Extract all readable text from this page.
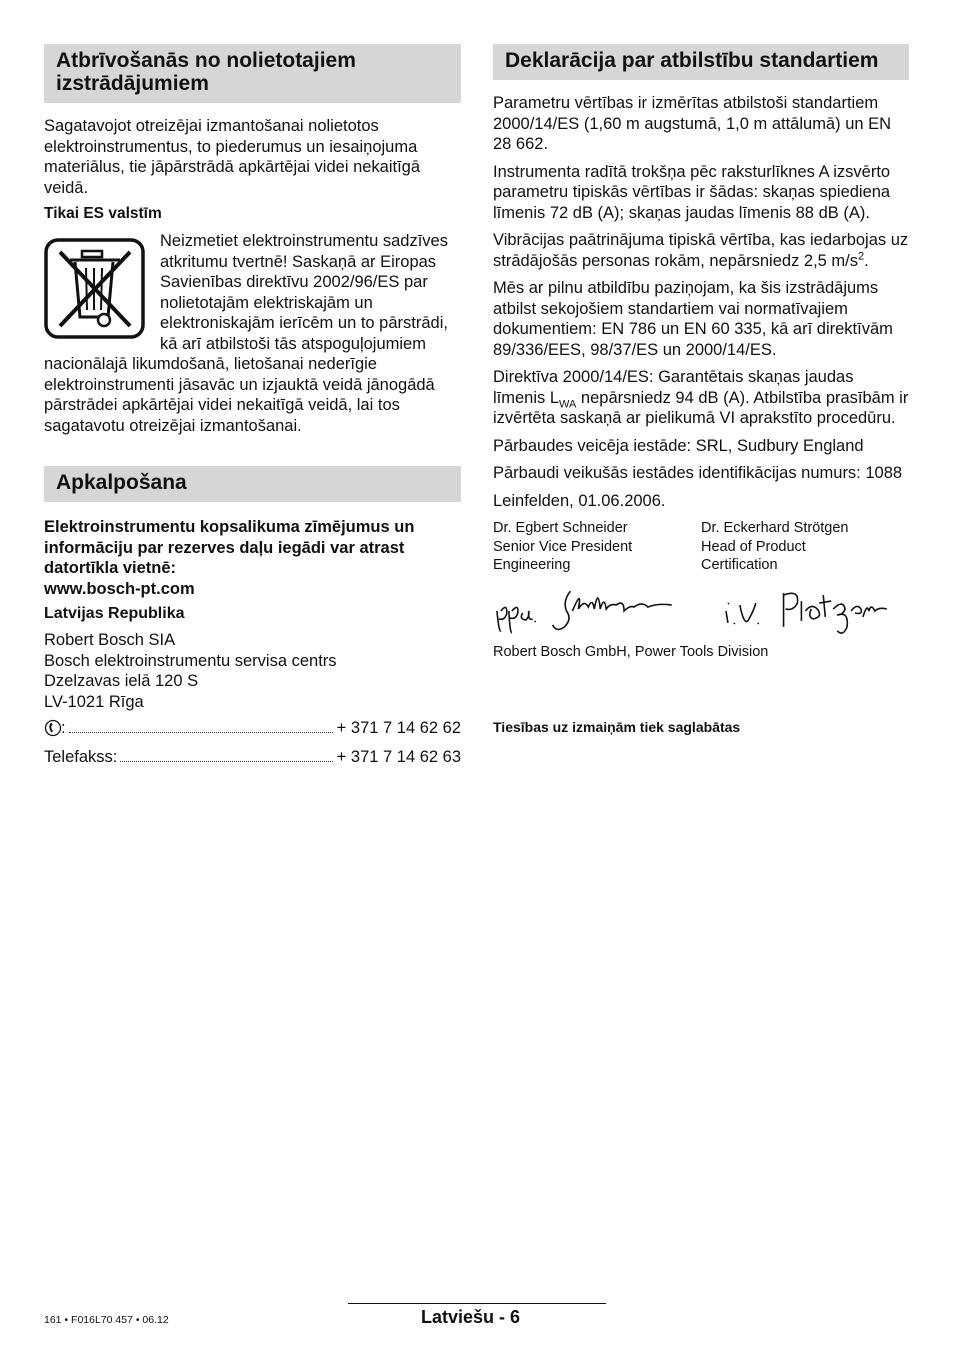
Atbrīvošanās no nolietotajiem izstrādājumiem

Sagatavojot otreizējai izmantošanai nolietotos elektroinstrumentus, to piederumus un iesaiņojuma materiālus, tie jāpārstrādā apkārtējai videi nekaitīgā veidā.

Tikai ES valstīm

Neizmetiet elektroinstrumentu sadzīves atkritumu tvertnē! Saskaņā ar Eiropas Savienības direktīvu 2002/96/ES par nolietotajām elektriskajām un elektroniskajām ierīcēm un to pārstrādi, kā arī atbilstoši tās atspoguļojumiem nacionālajā likumdošanā, lietošanai nederīgie elektroinstrumenti jāsavāc un izjauktā veidā jānogādā pārstrādei apkārtējai videi nekaitīgā veidā, lai tos sagatavotu otreizējai izmantošanai.

Apkalpošana

Elektroinstrumentu kopsalikuma zīmējumus un informāciju par rezerves daļu iegādi var atrast datortīkla vietnē:

www.bosch-pt.com

Latvijas Republika

Robert Bosch SIA

Bosch elektroinstrumentu servisa centrs

Dzelzavas ielā 120 S

LV-1021 Rīga

:	+ 371 7 14 62 62
Telefakss:	+ 371 7 14 62 63
Deklarācija par atbilstību standartiem

Parametru vērtības ir izmērītas atbilstoši standartiem 2000/14/ES (1,60 m augstumā, 1,0 m attālumā) un EN 28 662.

Instrumenta radītā trokšņa pēc raksturlīknes A izsvērto parametru tipiskās vērtības ir šādas: skaņas spiediena līmenis 72 dB (A); skaņas jaudas līmenis 88 dB (A).

Vibrācijas paātrinājuma tipiskā vērtība, kas iedarbojas uz strādājošās personas rokām, nepārsniedz 2,5 $m/s^2$.

Mēs ar pilnu atbildību paziņojam, ka šis izstrādājums atbilst sekojošiem standartiem vai normatīvajiem dokumentiem: EN 786 un EN 60 335, kā arī direktīvām 89/336/EES, 98/37/ES un 2000/14/ES.

Direktīva 2000/14/ES: Garantētais skaņas jaudas līmenis $L_{WA}$ nepārsniedz 94 dB (A). Atbilstība prasībām ir izvērtēta saskaņā ar pielikumā VI aprakstīto procedūru.

Pārbaudes veicēja iestāde: SRL, Sudbury England

Pārbaudi veikušās iestādes identifikācijas numurs: 1088

Leinfelden, 01.06.2006.

Dr. Egbert Schneider
Senior Vice President
Engineering
Dr. Eckerhard Strötgen
Head of Product
Certification
Robert Bosch GmbH, Power Tools Division
Tiesības uz izmaiņām tiek saglabātas
161 • F016L70 457 • 06.12	Latviešu - 6
